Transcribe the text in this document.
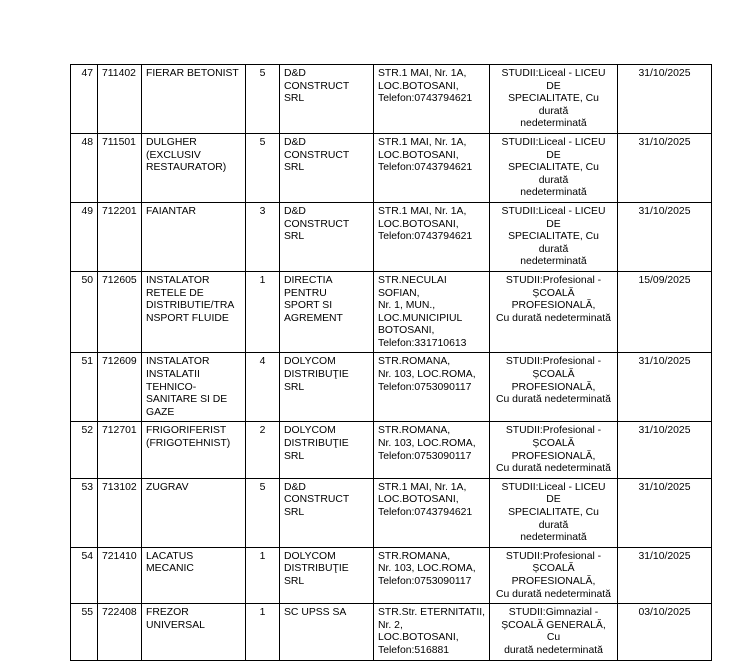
47	711402	FIERAR BETONIST	5	D&D CONSTRUCT
SRL	STR.1 MAI, Nr. 1A,
LOC.BOTOSANI,
Telefon:0743794621	STUDII:Liceal - LICEU DE
SPECIALITATE, Cu durată
nedeterminată	31/10/2025
48	711501	DULGHER
(EXCLUSIV
RESTAURATOR)	5	D&D CONSTRUCT
SRL	STR.1 MAI, Nr. 1A,
LOC.BOTOSANI,
Telefon:0743794621	STUDII:Liceal - LICEU DE
SPECIALITATE, Cu durată
nedeterminată	31/10/2025
49	712201	FAIANTAR	3	D&D CONSTRUCT
SRL	STR.1 MAI, Nr. 1A,
LOC.BOTOSANI,
Telefon:0743794621	STUDII:Liceal - LICEU DE
SPECIALITATE, Cu durată
nedeterminată	31/10/2025
50	712605	INSTALATOR
RETELE DE
DISTRIBUTIE/TRA
NSPORT FLUIDE	1	DIRECTIA PENTRU
SPORT SI
AGREMENT	STR.NECULAI SOFIAN,
Nr. 1, MUN.,
LOC.MUNICIPIUL
BOTOSANI,
Telefon:331710613	STUDII:Profesional -
ȘCOALĂ PROFESIONALĂ,
Cu durată nedeterminată	15/09/2025
51	712609	INSTALATOR
INSTALATII
TEHNICO-
SANITARE SI DE
GAZE	4	DOLYCOM
DISTRIBUŢIE SRL	STR.ROMANA,
Nr. 103, LOC.ROMA,
Telefon:0753090117	STUDII:Profesional -
ȘCOALĂ PROFESIONALĂ,
Cu durată nedeterminată	31/10/2025
52	712701	FRIGORIFERIST
(FRIGOTEHNIST)	2	DOLYCOM
DISTRIBUŢIE SRL	STR.ROMANA,
Nr. 103, LOC.ROMA,
Telefon:0753090117	STUDII:Profesional -
ȘCOALĂ PROFESIONALĂ,
Cu durată nedeterminată	31/10/2025
53	713102	ZUGRAV	5	D&D CONSTRUCT
SRL	STR.1 MAI, Nr. 1A,
LOC.BOTOSANI,
Telefon:0743794621	STUDII:Liceal - LICEU DE
SPECIALITATE, Cu durată
nedeterminată	31/10/2025
54	721410	LACATUS
MECANIC	1	DOLYCOM
DISTRIBUŢIE SRL	STR.ROMANA,
Nr. 103, LOC.ROMA,
Telefon:0753090117	STUDII:Profesional -
ȘCOALĂ PROFESIONALĂ,
Cu durată nedeterminată	31/10/2025
55	722408	FREZOR
UNIVERSAL	1	SC UPSS SA	STR.Str. ETERNITATII,
Nr. 2, LOC.BOTOSANI,
Telefon:516881	STUDII:Gimnazial -
ȘCOALĂ GENERALĂ, Cu
durată nedeterminată	03/10/2025
